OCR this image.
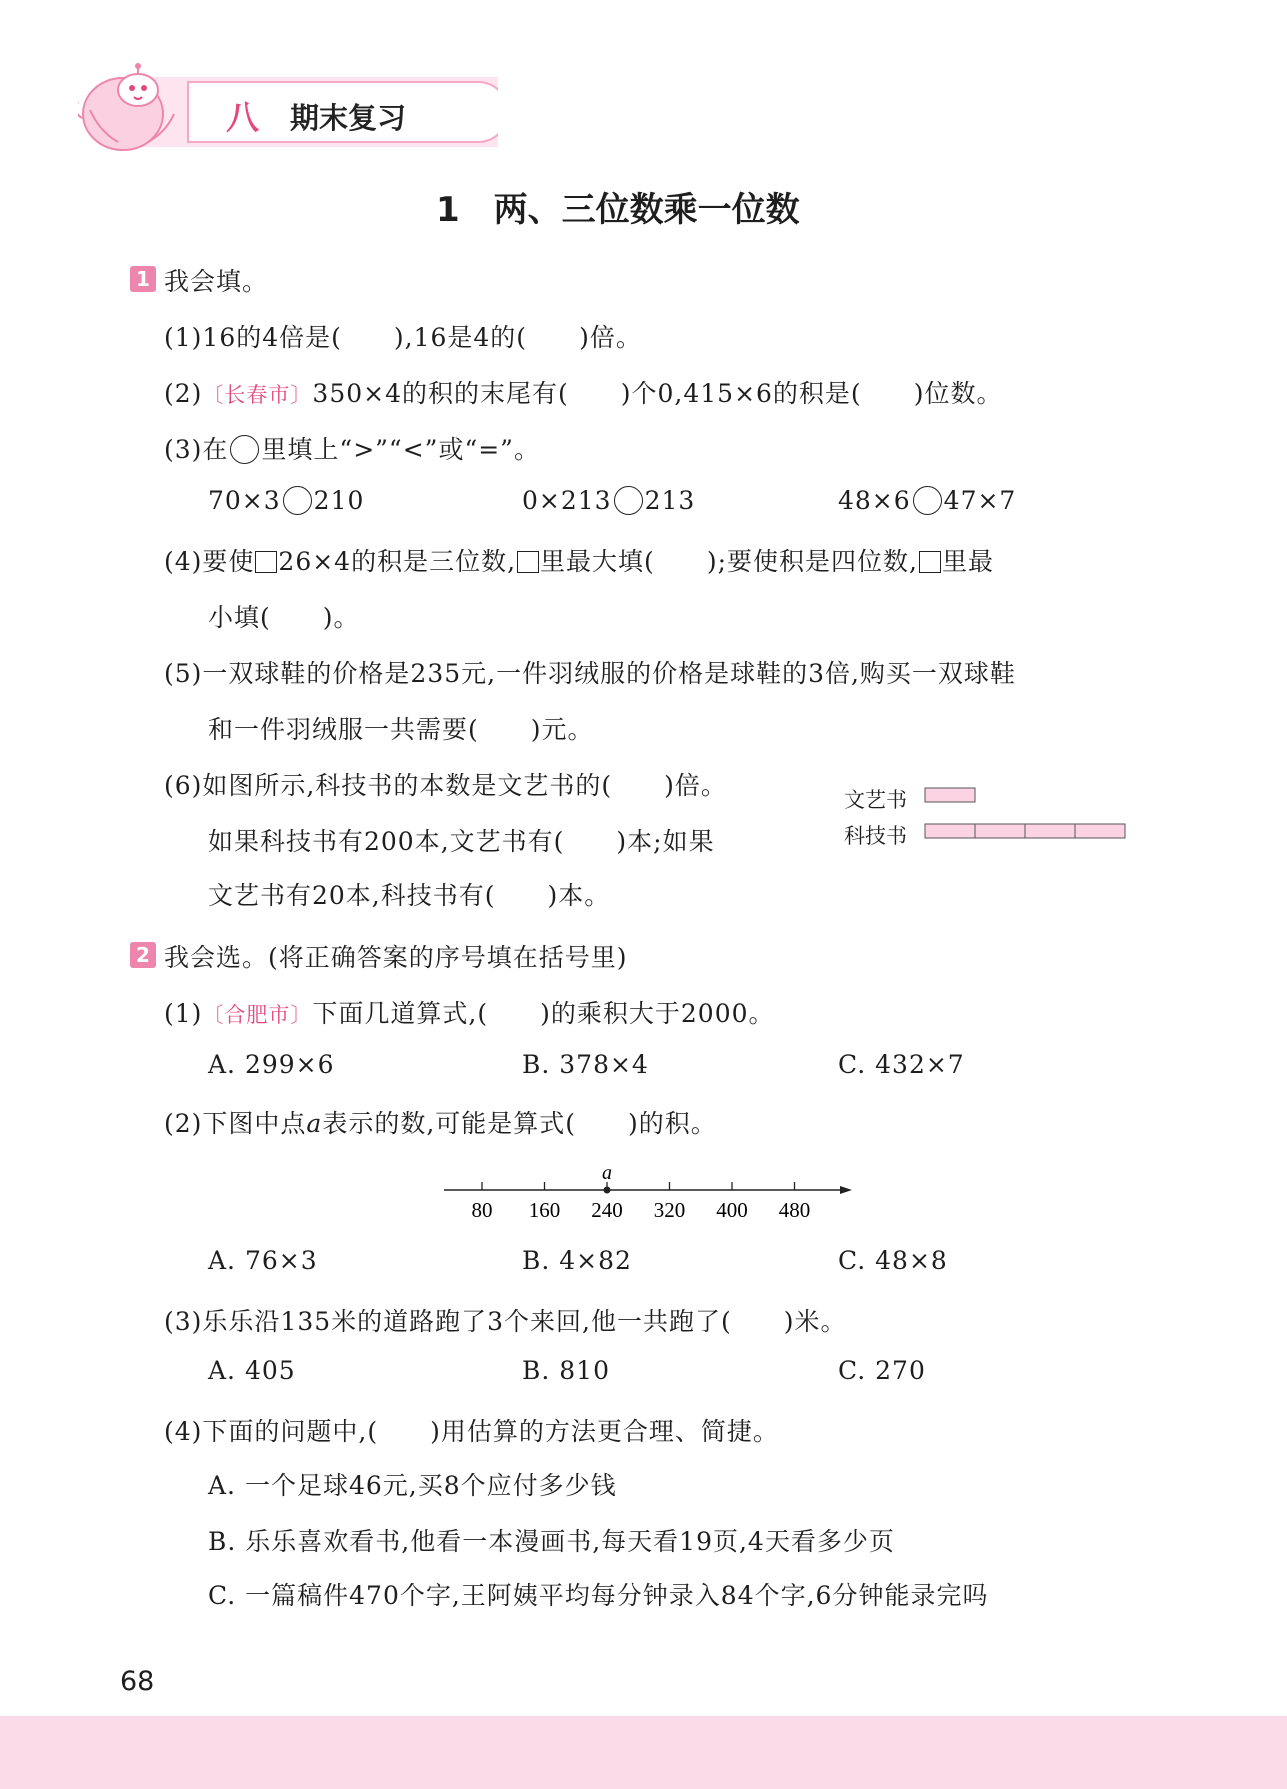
八 期末复习
1　两、三位数乘一位数
1 我会填。
(1)16的4倍是( ),16是4的( )倍。
(2)〔长春市〕350×4的积的末尾有( )个0,415×6的积是( )位数。
(3)在 里填上“>”“<”或“=”。
70×3 210	0×213 213	48×6 47×7
(4)要使 26×4的积是三位数, 里最大填( );要使积是四位数, 里最
小填(　　)。
(5)一双球鞋的价格是235元,一件羽绒服的价格是球鞋的3倍,购买一双球鞋
和一件羽绒服一共需要(　　)元。
(6)如图所示,科技书的本数是文艺书的(　　)倍。
如果科技书有200本,文艺书有(　　)本;如果
文艺书有20本,科技书有(　　)本。
文艺书
科技书
2 我会选。(将正确答案的序号填在括号里)
(1)〔合肥市〕下面几道算式,(　　)的乘积大于2000。
A. 299×6	B. 378×4	C. 432×7
(2)下图中点a表示的数,可能是算式(　　)的积。
80 160 240 320 400 480
a
A. 76×3	B. 4×82	C. 48×8
(3)乐乐沿135米的道路跑了3个来回,他一共跑了(　　)米。
A. 405	B. 810	C. 270
(4)下面的问题中,(　　)用估算的方法更合理、简捷。
A. 一个足球46元,买8个应付多少钱
B. 乐乐喜欢看书,他看一本漫画书,每天看19页,4天看多少页
C. 一篇稿件470个字,王阿姨平均每分钟录入84个字,6分钟能录完吗
68
